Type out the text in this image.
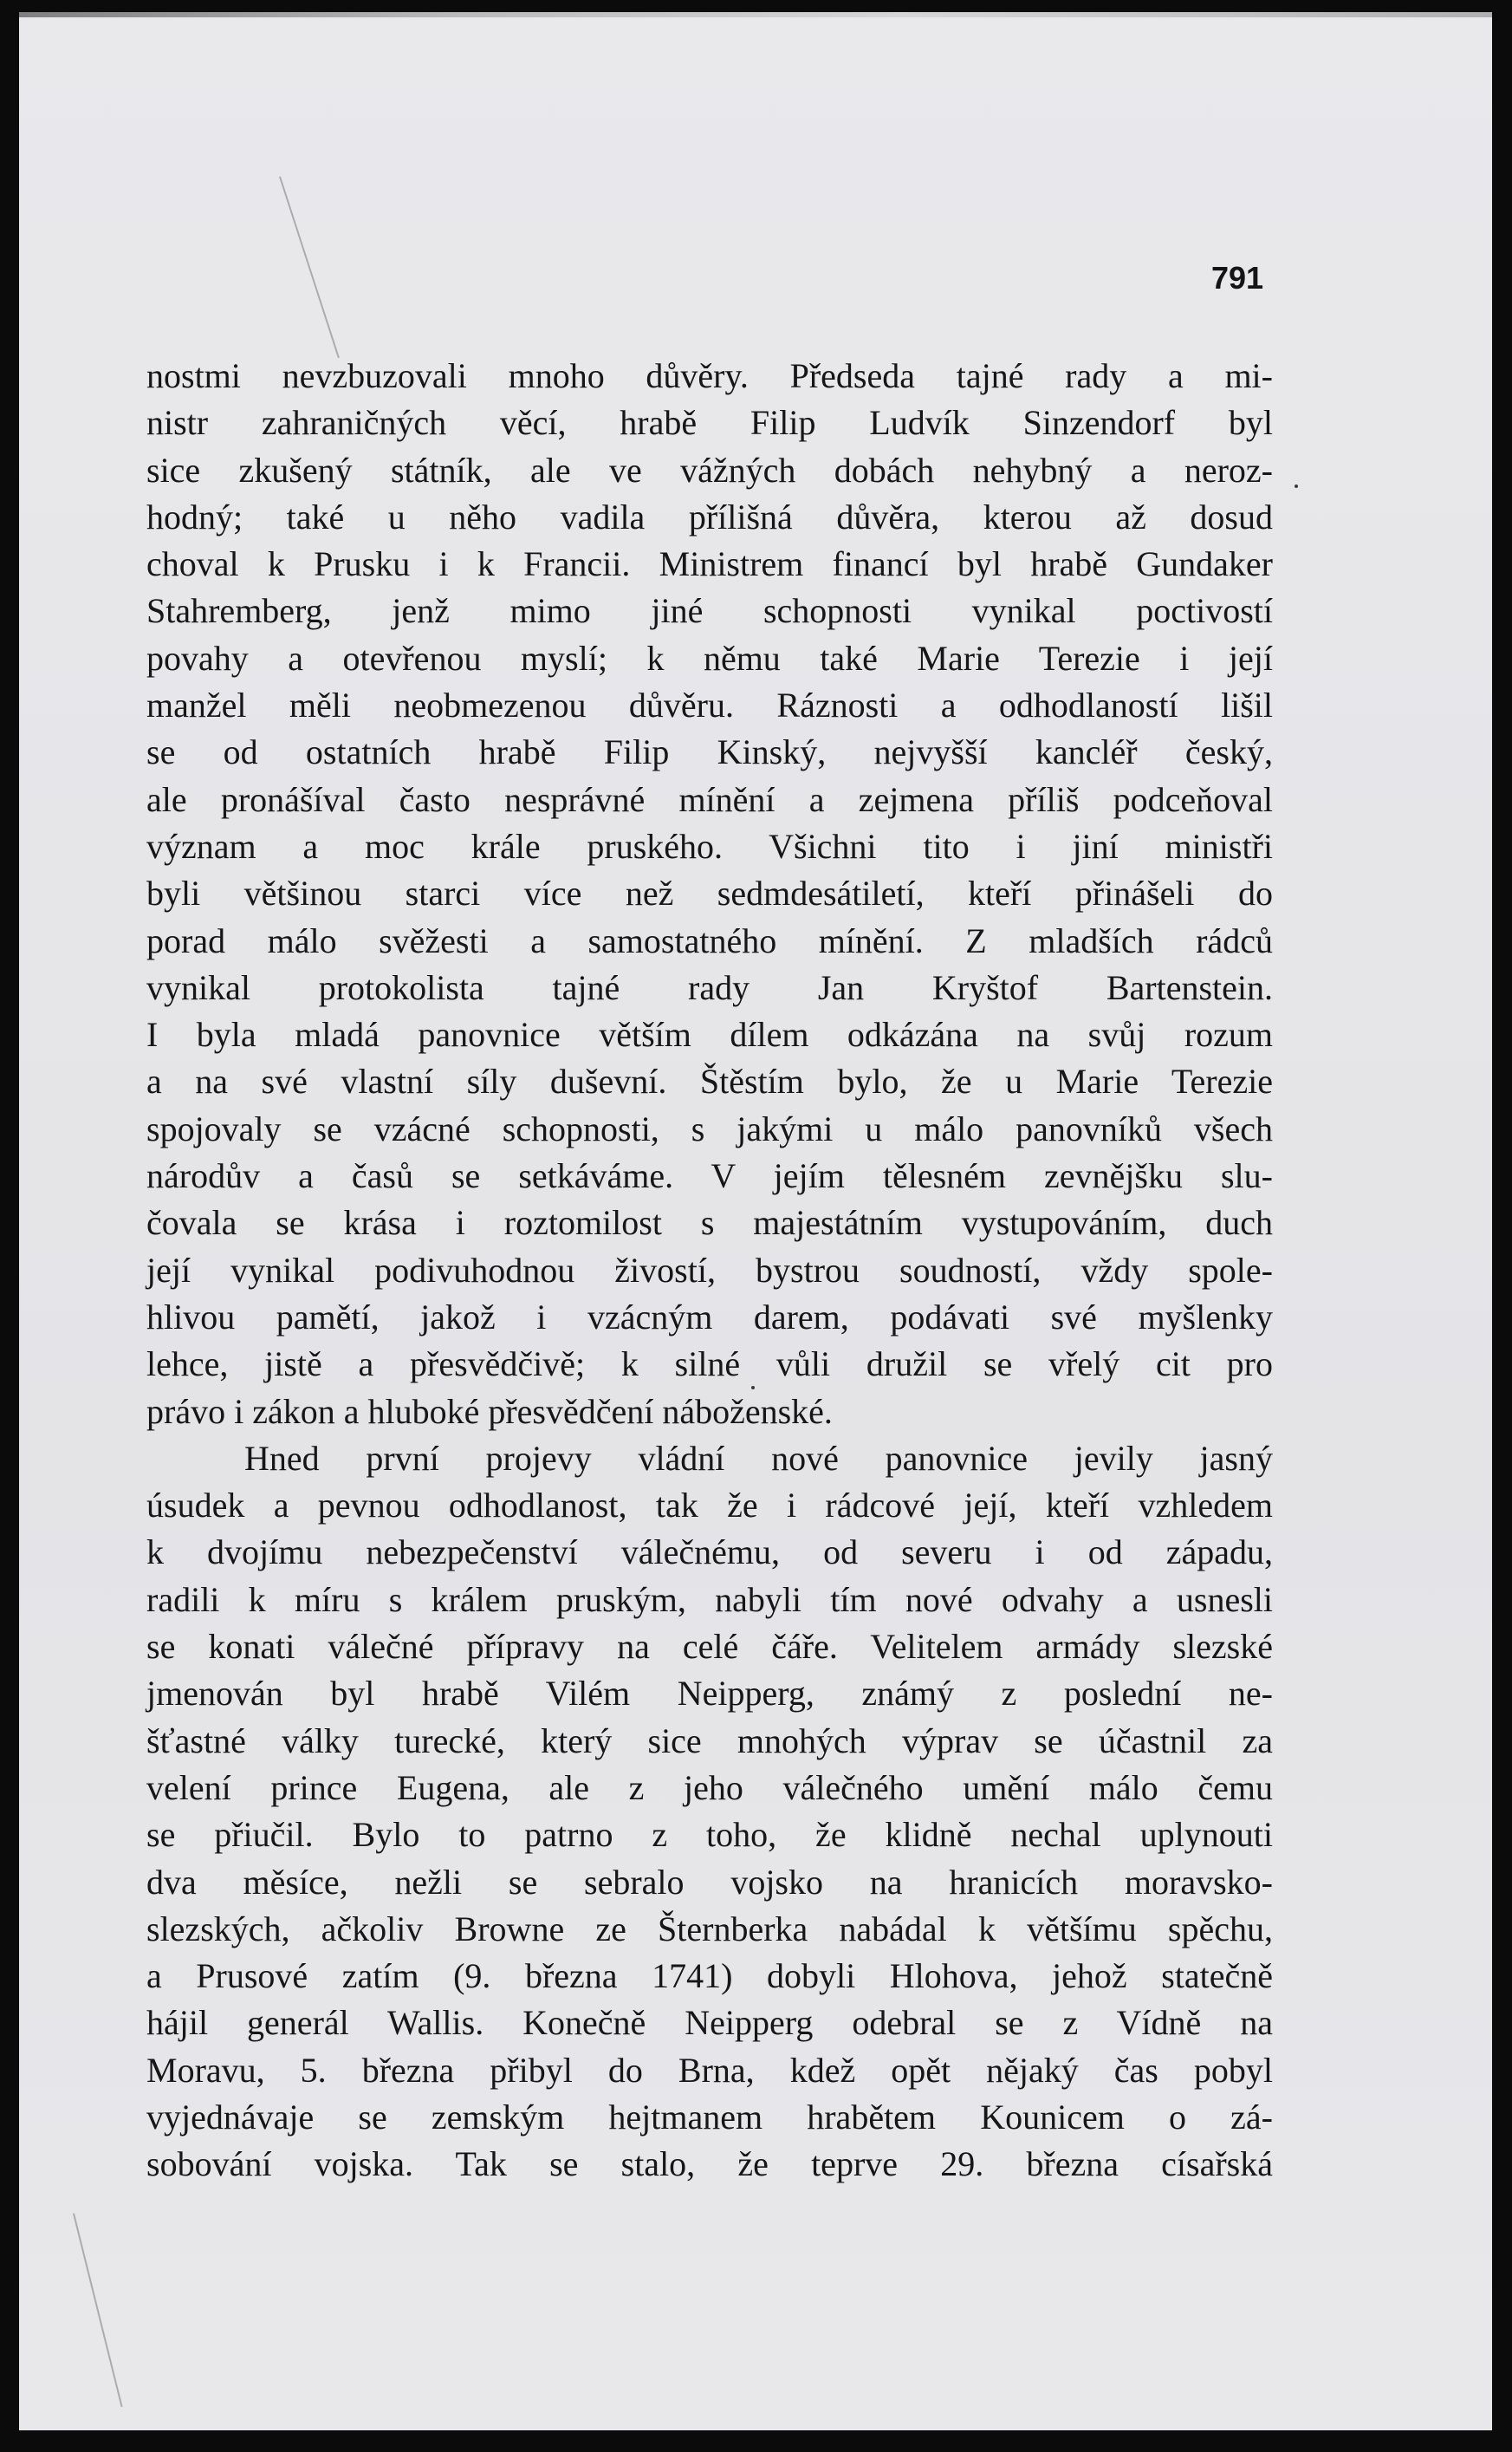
791
nostmi nevzbuzovali mnoho důvěry. Předseda tajné rady a mi-
nistr zahraničných věcí, hrabě Filip Ludvík Sinzendorf byl
sice zkušený státník, ale ve vážných dobách nehybný a neroz-
hodný; také u něho vadila přílišná důvěra, kterou až dosud
choval k Prusku i k Francii. Ministrem financí byl hrabě Gundaker
Stahremberg, jenž mimo jiné schopnosti vynikal poctivostí
povahy a otevřenou myslí; k němu také Marie Terezie i její
manžel měli neobmezenou důvěru. Ráznosti a odhodlaností lišil
se od ostatních hrabě Filip Kinský, nejvyšší kancléř český,
ale pronášíval často nesprávné mínění a zejmena příliš podceňoval
význam a moc krále pruského. Všichni tito i jiní ministři
byli většinou starci více než sedmdesátiletí, kteří přinášeli do
porad málo svěžesti a samostatného mínění. Z mladších rádců
vynikal protokolista tajné rady Jan Kryštof Bartenstein.
I byla mladá panovnice větším dílem odkázána na svůj rozum
a na své vlastní síly duševní. Štěstím bylo, že u Marie Terezie
spojovaly se vzácné schopnosti, s jakými u málo panovníků všech
národův a časů se setkáváme. V jejím tělesném zevnějšku slu-
čovala se krása i roztomilost s majestátním vystupováním, duch
její vynikal podivuhodnou živostí, bystrou soudností, vždy spole-
hlivou pamětí, jakož i vzácným darem, podávati své myšlenky
lehce, jistě a přesvědčivě; k silné vůli družil se vřelý cit pro
právo i zákon a hluboké přesvědčení náboženské.
Hned první projevy vládní nové panovnice jevily jasný
úsudek a pevnou odhodlanost, tak že i rádcové její, kteří vzhledem
k dvojímu nebezpečenství válečnému, od severu i od západu,
radili k míru s králem pruským, nabyli tím nové odvahy a usnesli
se konati válečné přípravy na celé čáře. Velitelem armády slezské
jmenován byl hrabě Vilém Neipperg, známý z poslední ne-
šťastné války turecké, který sice mnohých výprav se účastnil za
velení prince Eugena, ale z jeho válečného umění málo čemu
se přiučil. Bylo to patrno z toho, že klidně nechal uplynouti
dva měsíce, nežli se sebralo vojsko na hranicích moravsko-
slezských, ačkoliv Browne ze Šternberka nabádal k většímu spěchu,
a Prusové zatím (9. března 1741) dobyli Hlohova, jehož statečně
hájil generál Wallis. Konečně Neipperg odebral se z Vídně na
Moravu, 5. března přibyl do Brna, kdež opět nějaký čas pobyl
vyjednávaje se zemským hejtmanem hrabětem Kounicem o zá-
sobování vojska. Tak se stalo, že teprve 29. března císařská
